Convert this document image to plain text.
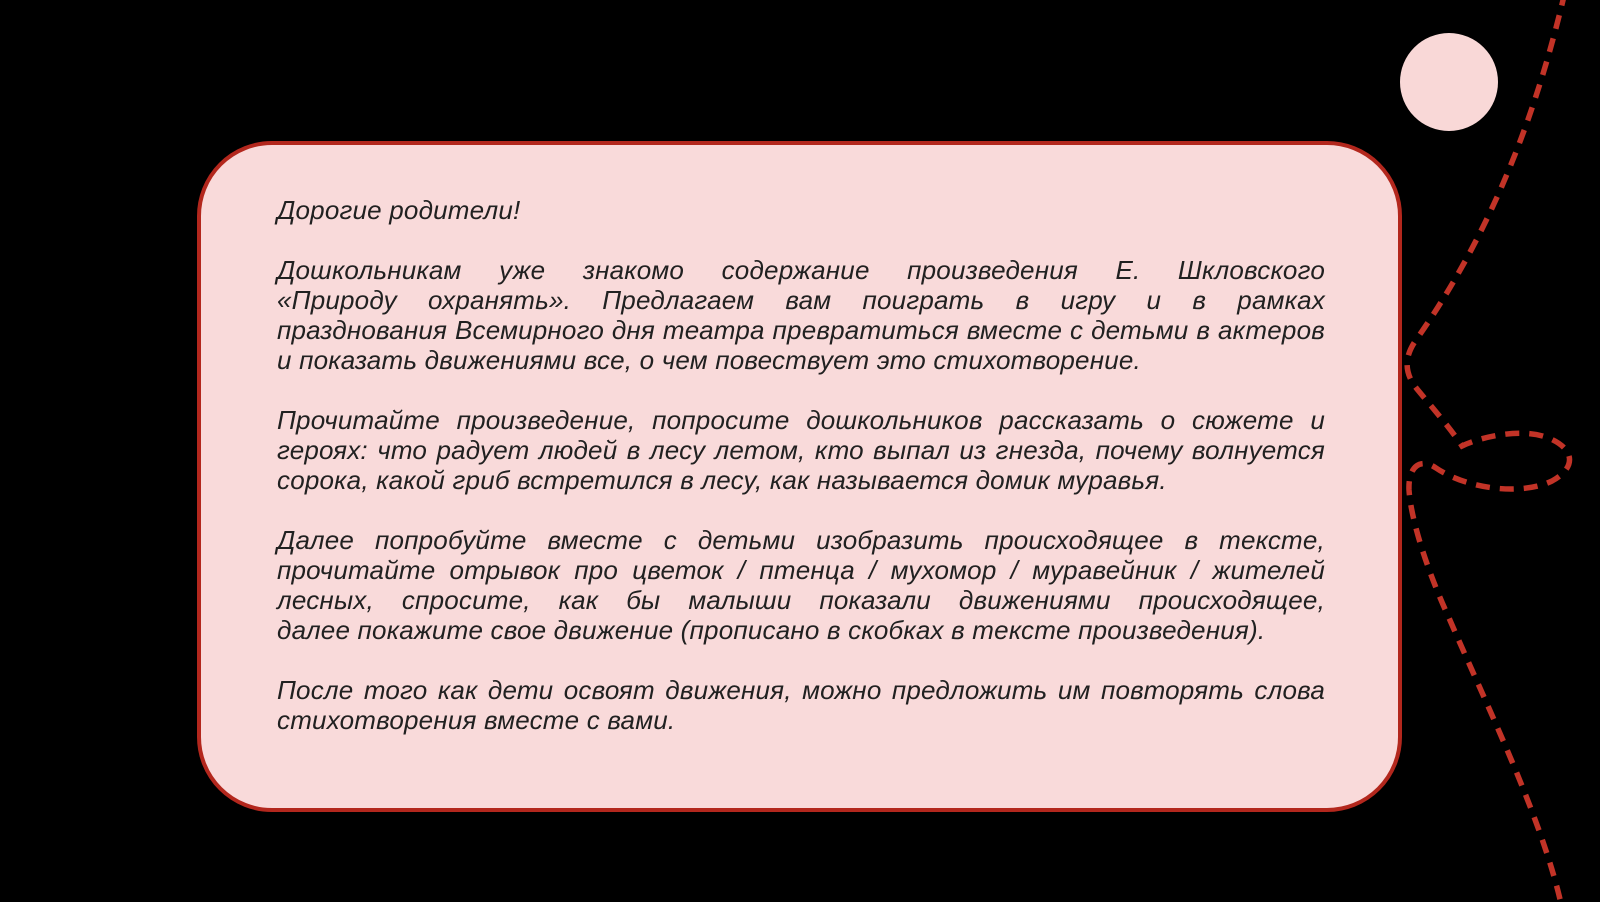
Дорогие родители!
Дошкольникам уже знакомо содержание произведения Е. Шкловского
«Природу охранять». Предлагаем вам поиграть в игру и в рамках
празднования Всемирного дня театра превратиться вместе с детьми в актеров
и показать движениями все, о чем повествует это стихотворение.
Прочитайте произведение, попросите дошкольников рассказать о сюжете и
героях: что радует людей в лесу летом, кто выпал из гнезда, почему волнуется
сорока, какой гриб встретился в лесу, как называется домик муравья.
Далее попробуйте вместе с детьми изобразить происходящее в тексте,
прочитайте отрывок про цветок / птенца / мухомор / муравейник / жителей
лесных, спросите, как бы малыши показали движениями происходящее,
далее покажите свое движение (прописано в скобках в тексте произведения).
После того как дети освоят движения, можно предложить им повторять слова
стихотворения вместе с вами.
